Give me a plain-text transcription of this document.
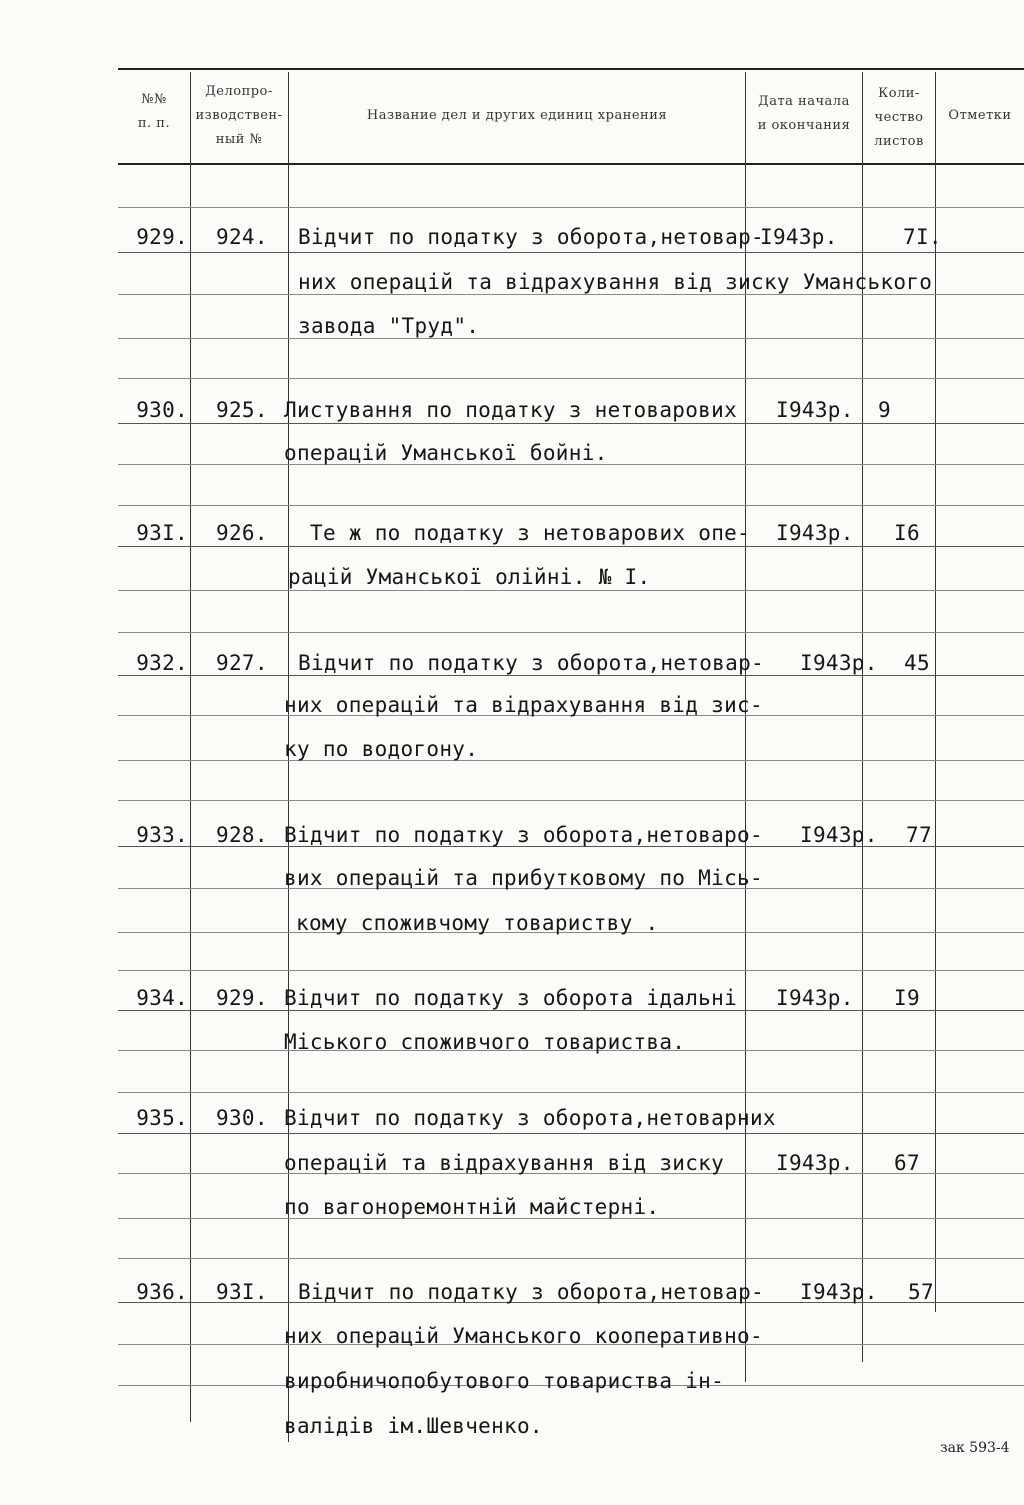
№№
п. п.
Делопро-
изводствен-
ный №
Название дел и других единиц хранения
Дата начала
и окончания
Коли-
чество
листов
Отметки
929. 924. Вiдчит по податку з оборота,нетовар-
них операцiй та вiдрахування вiд зиску Уманського
завода "Труд".
I943р.	7I.
930. 925. Листування по податку з нетоварових
операцiй Уманської бойнi.
I943р. 9
93I. 926. Те ж по податку з нетоварових опе-
рацiй Уманської олiйнi. № I.
I943р. I6
932. 927. Вiдчит по податку з оборота,нетовар-
них операцiй та вiдрахування вiд зис-
ку по водогону.
I943р. 45
933. 928. Вiдчит по податку з оборота,нетоваро-
вих операцiй та прибутковому по Мiсь-
кому споживчому товариству .
I943р. 77
934. 929. Вiдчит по податку з оборота iдальнi
Мiського споживчого товариства.
I943р. I9
935. 930. Вiдчит по податку з оборота,нетоварних
операцiй та вiдрахування вiд зиску
по вагоноремонтнiй майстернi.
I943р. 67
936. 93I. Вiдчит по податку з оборота,нетовар-
них операцiй Уманського кооперативно-
виробничопобутового товариства iн-
валiдiв iм.Шевченко.
I943р. 57
зак 593-4
